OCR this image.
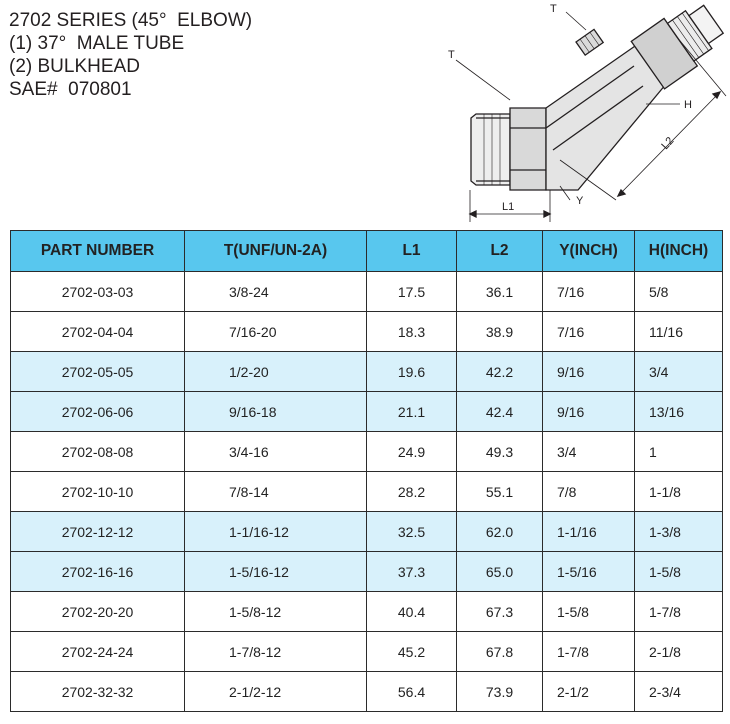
2702 SERIES (45°  ELBOW)
(1) 37°  MALE TUBE
(2) BULKHEAD
SAE#  070801
T
T
H
L2
L1	Y
PART NUMBER	T(UNF/UN-2A)	L1	L2	Y(INCH)	H(INCH)
2702-03-03	3/8-24	17.5	36.1	7/16	5/8
2702-04-04	7/16-20	18.3	38.9	7/16	11/16
2702-05-05	1/2-20	19.6	42.2	9/16	3/4
2702-06-06	9/16-18	21.1	42.4	9/16	13/16
2702-08-08	3/4-16	24.9	49.3	3/4	1
2702-10-10	7/8-14	28.2	55.1	7/8	1-1/8
2702-12-12	1-1/16-12	32.5	62.0	1-1/16	1-3/8
2702-16-16	1-5/16-12	37.3	65.0	1-5/16	1-5/8
2702-20-20	1-5/8-12	40.4	67.3	1-5/8	1-7/8
2702-24-24	1-7/8-12	45.2	67.8	1-7/8	2-1/8
2702-32-32	2-1/2-12	56.4	73.9	2-1/2	2-3/4
